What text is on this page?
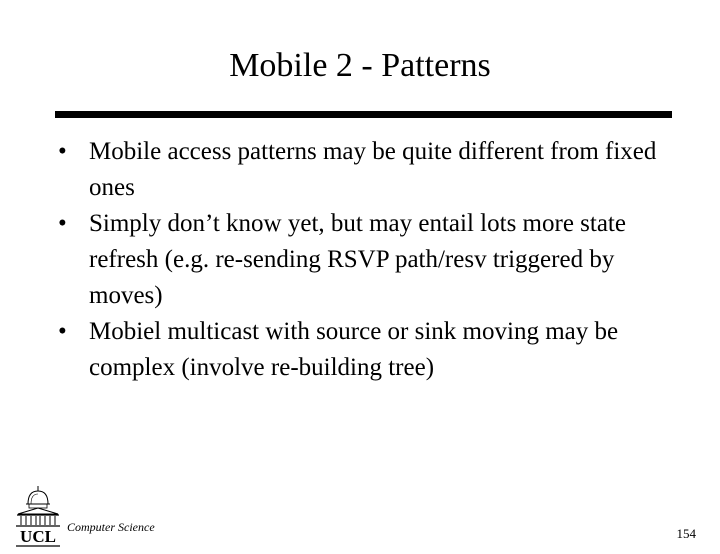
Mobile 2 - Patterns
• Mobile access patterns may be quite different from fixed ones
• Simply don’t know yet, but may entail lots more state refresh (e.g. re-sending RSVP path/resv triggered by moves)
• Mobiel multicast with source or sink moving may be complex (involve re-building tree)
UCL Computer Science	154
